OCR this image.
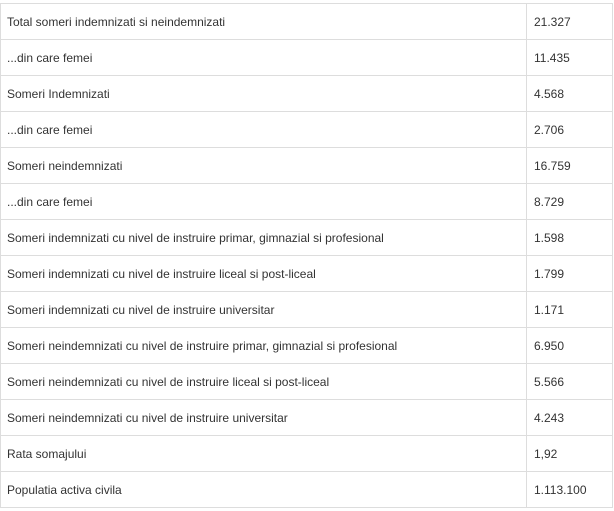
Total someri indemnizati si neindemnizati	21.327
...din care femei	11.435
Someri Indemnizati	4.568
...din care femei	2.706
Someri neindemnizati	16.759
...din care femei	8.729
Someri indemnizati cu nivel de instruire primar, gimnazial si profesional	1.598
Someri indemnizati cu nivel de instruire liceal si post-liceal	1.799
Someri indemnizati cu nivel de instruire universitar	1.171
Someri neindemnizati cu nivel de instruire primar, gimnazial si profesional	6.950
Someri neindemnizati cu nivel de instruire liceal si post-liceal	5.566
Someri neindemnizati cu nivel de instruire universitar	4.243
Rata somajului	1,92
Populatia activa civila	1.113.100
